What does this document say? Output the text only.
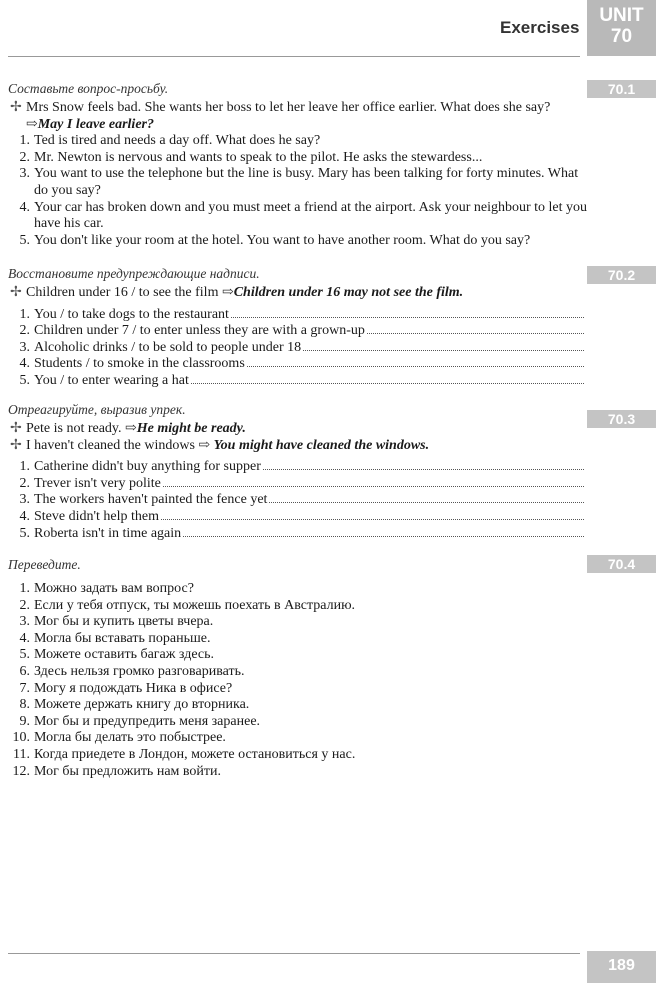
Exercises
UNIT
70
70.1
Составьте вопрос-просьбу.
✢ Mrs Snow feels bad. She wants her boss to let her leave her office earlier. What does she say? ⇨May I leave earlier?
1. Ted is tired and needs a day off. What does he say?
2. Mr. Newton is nervous and wants to speak to the pilot. He asks the stewardess...
3. You want to use the telephone but the line is busy. Mary has been talking for forty minutes. What do you say?
4. Your car has broken down and you must meet a friend at the airport. Ask your neighbour to let you have his car.
5. You don't like your room at the hotel. You want to have another room. What do you say?
70.2
Восстановите предупреждающие надписи.
✢ Children under 16 / to see the film ⇨Children under 16 may not see the film.
1. You / to take dogs to the restaurant
2. Children under 7 / to enter unless they are with a grown-up
3. Alcoholic drinks / to be sold to people under 18
4. Students / to smoke in the classrooms
5. You / to enter wearing a hat
70.3
Отреагируйте, выразив упрек.
✢ Pete is not ready. ⇨He might be ready.
✢ I haven't cleaned the windows ⇨ You might have cleaned the windows.
1. Catherine didn't buy anything for supper
2. Trever isn't very polite
3. The workers haven't painted the fence yet
4. Steve didn't help them
5. Roberta isn't in time again
70.4
Переведите.
1. Можно задать вам вопрос?
2. Если у тебя отпуск, ты можешь поехать в Австралию.
3. Мог бы и купить цветы вчера.
4. Могла бы вставать пораньше.
5. Можете оставить багаж здесь.
6. Здесь нельзя громко разговаривать.
7. Могу я подождать Ника в офисе?
8. Можете держать книгу до вторника.
9. Мог бы и предупредить меня заранее.
10. Могла бы делать это побыстрее.
11. Когда приедете в Лондон, можете остановиться у нас.
12. Мог бы предложить нам войти.
189
